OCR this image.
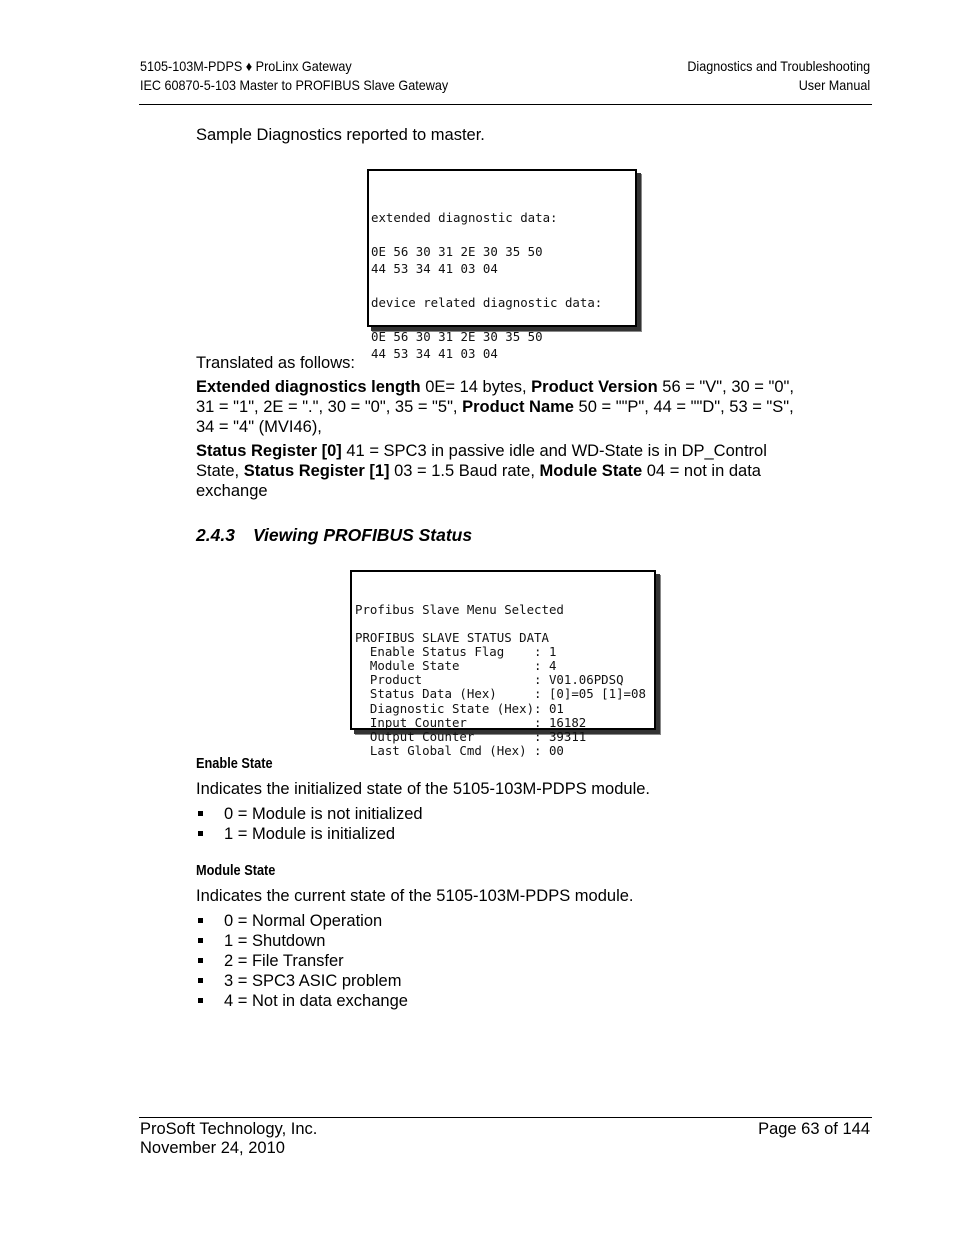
5105-103M-PDPS ♦ ProLinx Gateway
IEC 60870-5-103 Master to PROFIBUS Slave Gateway
Diagnostics and Troubleshooting
User Manual

Sample Diagnostics reported to master.

extended diagnostic data:
0E 56 30 31 2E 30 35 50
44 53 34 41 03 04
device related diagnostic data:
0E 56 30 31 2E 30 35 50
44 53 34 41 03 04

Translated as follows:

Extended diagnostics length 0E= 14 bytes, Product Version 56 = "V", 30 = "0", 31 = "1", 2E = ".", 30 = "0", 35 = "5", Product Name 50 = ""P", 44 = ""D", 53 = "S", 34 = "4" (MVI46),

Status Register [0] 41 = SPC3 in passive idle and WD-State is in DP_Control State, Status Register [1] 03 = 1.5 Baud rate, Module State 04 = not in data exchange

2.4.3 Viewing PROFIBUS Status

Profibus Slave Menu Selected
PROFIBUS SLAVE STATUS DATA
Enable Status Flag    : 1
Module State          : 4
Product               : V01.06PDSQ
Status Data (Hex)     : [0]=05 [1]=08
Diagnostic State (Hex): 01
Input Counter         : 16182
Output Counter        : 39311
Last Global Cmd (Hex) : 00

Enable State

Indicates the initialized state of the 5105-103M-PDPS module.

0 = Module is not initialized
1 = Module is initialized
Module State

Indicates the current state of the 5105-103M-PDPS module.

0 = Normal Operation
1 = Shutdown
2 = File Transfer
3 = SPC3 ASIC problem
4 = Not in data exchange
ProSoft Technology, Inc.
November 24, 2010
Page 63 of 144
